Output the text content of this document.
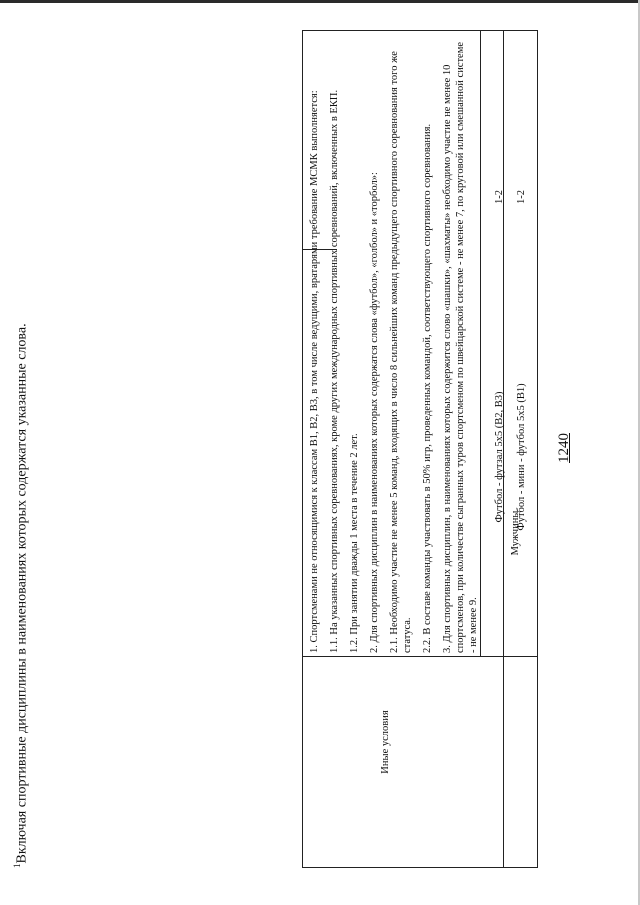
1240
Мужчины
Футбол - мини - футбол 5х5 (В1)
1-2
Футбол - футзал 5х5 (В2, В3)
1-2
Иные условия

1. Спортсменами не относящимися к классам В1, В2, В3, в том числе ведущими, вратарями требование МСМК выполняется: 1.1. На указанных спортивных соревнованиях, кроме других международных спортивных соревнований, включенных в ЕКП. 1.2. При занятии дважды 1 места в течение 2 лет. 2. Для спортивных дисциплин в наименованиях которых содержатся слова «футбол», «голбол» и «торбол»: 2.1. Необходимо участие не менее 5 команд, входящих в число 8 сильнейших команд предыдущего спортивного соревнования того же статуса. 2.2. В составе команды участвовать в 50% игр, проведенных командой, соответствующего спортивного соревнования. 3. Для спортивных дисциплин, в наименованиях которых содержится слово «шашки», «шахматы» необходимо участие не менее 10 спортсменов, при количестве сыгранных туров спортсменом по швейцарской системе - не менее 7, по круговой или смешанной системе - не менее 9.

$^1$Включая спортивные дисциплины в наименованиях которых содержатся указанные слова.
